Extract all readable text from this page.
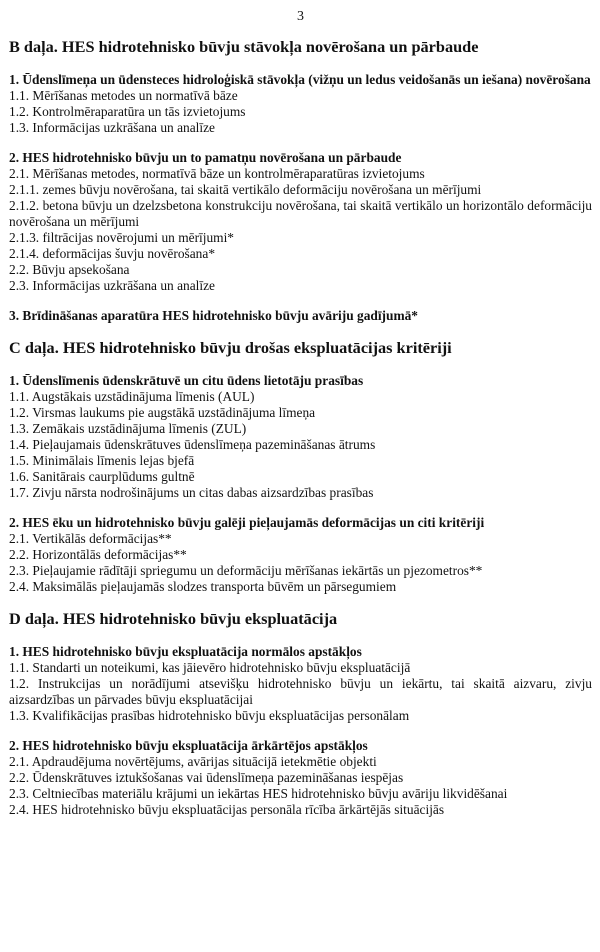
3
B daļa. HES hidrotehnisko būvju stāvokļa novērošana un pārbaude
1. Ūdenslīmeņa un ūdensteces hidroloģiskā stāvokļa (vižņu un ledus veidošanās un iešana) novērošana
1.1. Mērīšanas metodes un normatīvā bāze
1.2. Kontrolmēraparatūra un tās izvietojums
1.3. Informācijas uzkrāšana un analīze
2. HES hidrotehnisko būvju un to pamatņu novērošana un pārbaude
2.1. Mērīšanas metodes, normatīvā bāze un kontrolmēraparatūras izvietojums
2.1.1. zemes būvju novērošana, tai skaitā vertikālo deformāciju novērošana un mērījumi
2.1.2. betona būvju un dzelzsbetona konstrukciju novērošana, tai skaitā vertikālo un horizontālo deformāciju novērošana un mērījumi
2.1.3. filtrācijas novērojumi un mērījumi*
2.1.4. deformācijas šuvju novērošana*
2.2. Būvju apsekošana
2.3. Informācijas uzkrāšana un analīze
3. Brīdināšanas aparatūra HES hidrotehnisko būvju avāriju gadījumā*
C daļa. HES hidrotehnisko būvju drošas ekspluatācijas kritēriji
1. Ūdenslīmenis ūdenskrātuvē un citu ūdens lietotāju prasības
1.1. Augstākais uzstādinājuma līmenis (AUL)
1.2. Virsmas laukums pie augstākā uzstādinājuma līmeņa
1.3. Zemākais uzstādinājuma līmenis (ZUL)
1.4. Pieļaujamais ūdenskrātuves ūdenslīmeņa pazemināšanas ātrums
1.5. Minimālais līmenis lejas bjefā
1.6. Sanitārais caurplūdums gultnē
1.7. Zivju nārsta nodrošinājums un citas dabas aizsardzības prasības
2. HES ēku un hidrotehnisko būvju galēji pieļaujamās deformācijas un citi kritēriji
2.1. Vertikālās deformācijas**
2.2. Horizontālās deformācijas**
2.3. Pieļaujamie rādītāji spriegumu un deformāciju mērīšanas iekārtās un pjezometros**
2.4. Maksimālās pieļaujamās slodzes transporta būvēm un pārsegumiem
D daļa. HES hidrotehnisko būvju ekspluatācija
1. HES hidrotehnisko būvju ekspluatācija normālos apstākļos
1.1. Standarti un noteikumi, kas jāievēro hidrotehnisko būvju ekspluatācijā
1.2. Instrukcijas un norādījumi atsevišķu hidrotehnisko būvju un iekārtu, tai skaitā aizvaru, zivju aizsardzības un pārvades būvju ekspluatācijai
1.3. Kvalifikācijas prasības hidrotehnisko būvju ekspluatācijas personālam
2. HES hidrotehnisko būvju ekspluatācija ārkārtējos apstākļos
2.1. Apdraudējuma novērtējums, avārijas situācijā ietekmētie objekti
2.2. Ūdenskrātuves iztukšošanas vai ūdenslīmeņa pazemināšanas iespējas
2.3. Celtniecības materiālu krājumi un iekārtas HES hidrotehnisko būvju avāriju likvidēšanai
2.4. HES hidrotehnisko būvju ekspluatācijas personāla rīcība ārkārtējās situācijās
